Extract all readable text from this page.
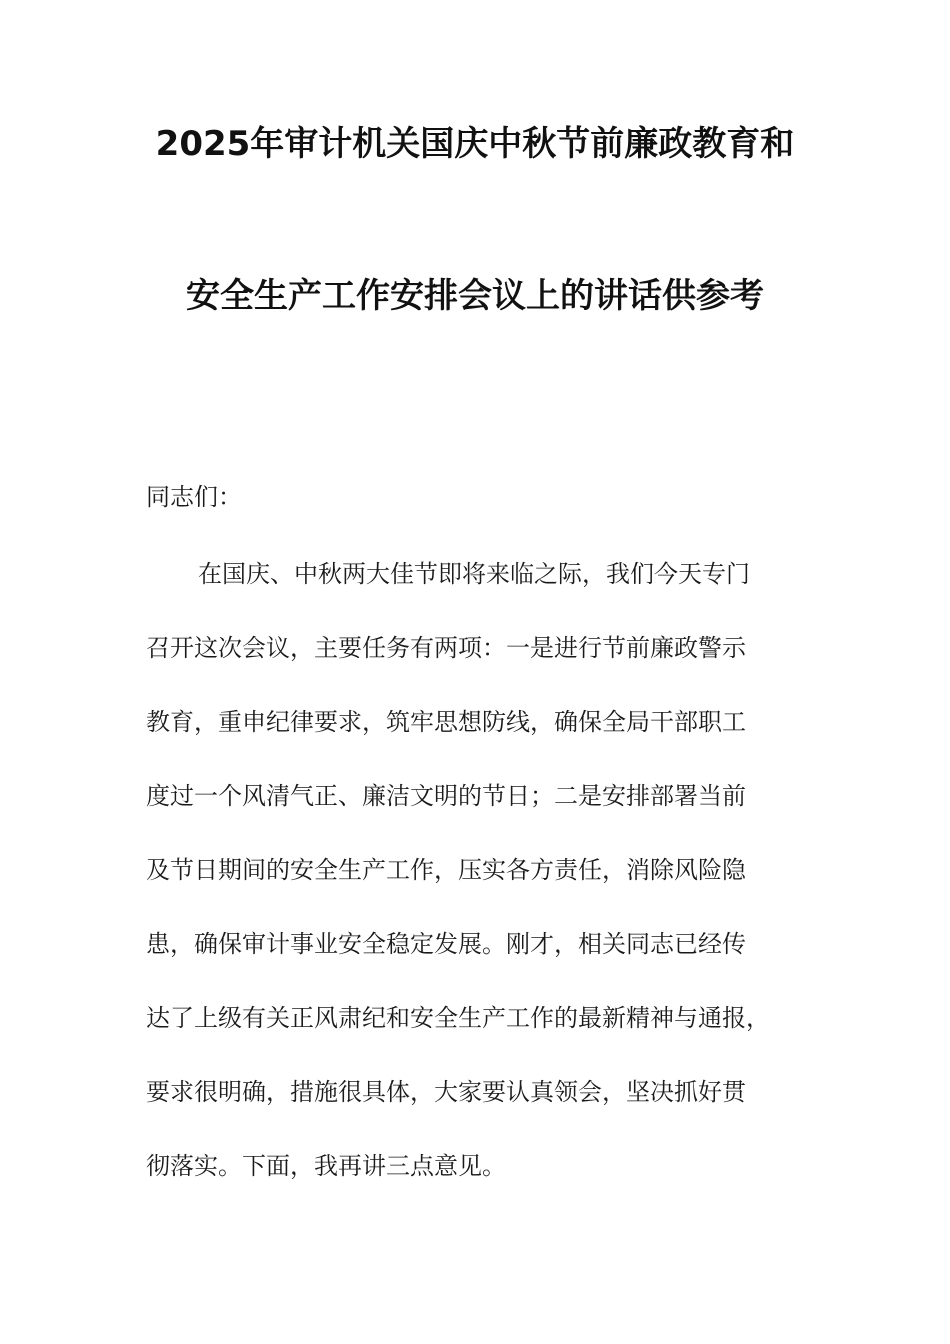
2025年审计机关国庆中秋节前廉政教育和
安全生产工作安排会议上的讲话供参考
同志们：
在国庆、中秋两大佳节即将来临之际，我们今天专门
召开这次会议，主要任务有两项：一是进行节前廉政警示
教育，重申纪律要求，筑牢思想防线，确保全局干部职工
度过一个风清气正、廉洁文明的节日；二是安排部署当前
及节日期间的安全生产工作，压实各方责任，消除风险隐
患，确保审计事业安全稳定发展。刚才，相关同志已经传
达了上级有关正风肃纪和安全生产工作的最新精神与通报，
要求很明确，措施很具体，大家要认真领会，坚决抓好贯
彻落实。下面，我再讲三点意见。
